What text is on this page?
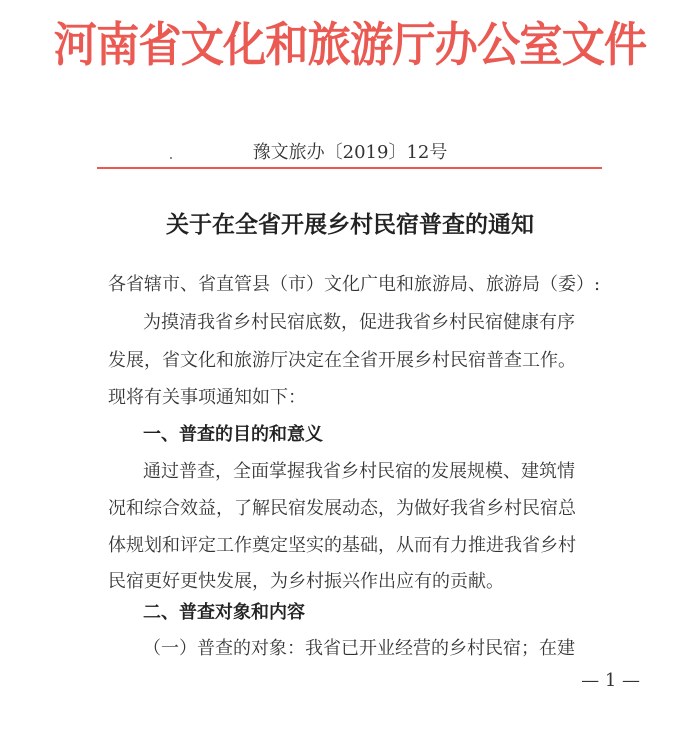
河南省文化和旅游厅办公室文件
豫文旅办〔2019〕12号
关于在全省开展乡村民宿普查的通知
各省辖市、省直管县（市）文化广电和旅游局、旅游局（委）:
为摸清我省乡村民宿底数，促进我省乡村民宿健康有序
发展，省文化和旅游厅决定在全省开展乡村民宿普查工作。
现将有关事项通知如下：
一、普查的目的和意义
通过普查，全面掌握我省乡村民宿的发展规模、建筑情
况和综合效益，了解民宿发展动态，为做好我省乡村民宿总
体规划和评定工作奠定坚实的基础，从而有力推进我省乡村
民宿更好更快发展，为乡村振兴作出应有的贡献。
二、普查对象和内容
（一）普查的对象：我省已开业经营的乡村民宿；在建
— 1 —
